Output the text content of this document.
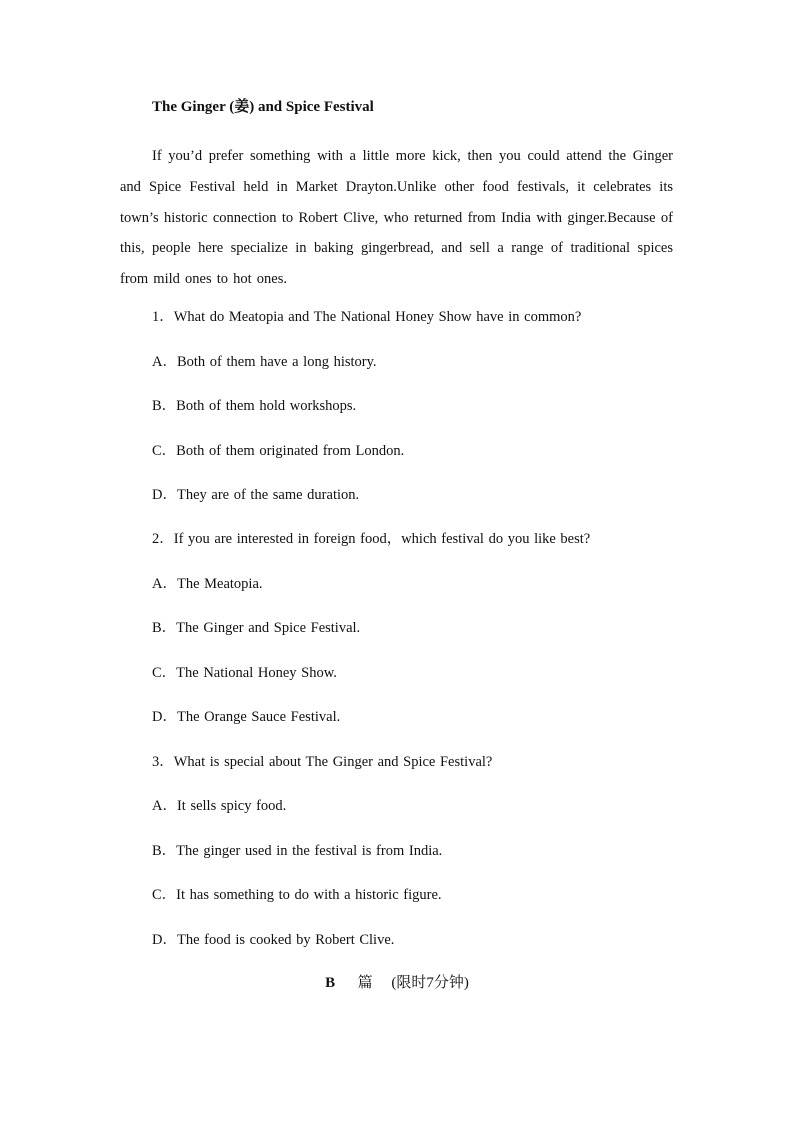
The Ginger (姜) and Spice Festival
If you’d prefer something with a little more kick, then you could attend the Ginger and Spice Festival held in Market Drayton.Unlike other food festivals, it celebrates its town’s historic connection to Robert Clive, who returned from India with ginger.Because of this, people here specialize in baking gingerbread, and sell a range of traditional spices from mild ones to hot ones.
1．What do Meatopia and The National Honey Show have in common?
A．Both of them have a long history.
B．Both of them hold workshops.
C．Both of them originated from London.
D．They are of the same duration.
2．If you are interested in foreign food，which festival do you like best?
A．The Meatopia.
B．The Ginger and Spice Festival.
C．The National Honey Show.
D．The Orange Sauce Festival.
3．What is special about The Ginger and Spice Festival?
A．It sells spicy food.
B．The ginger used in the festival is from India.
C．It has something to do with a historic figure.
D．The food is cooked by Robert Clive.
B 篇 (限时7分钟)
